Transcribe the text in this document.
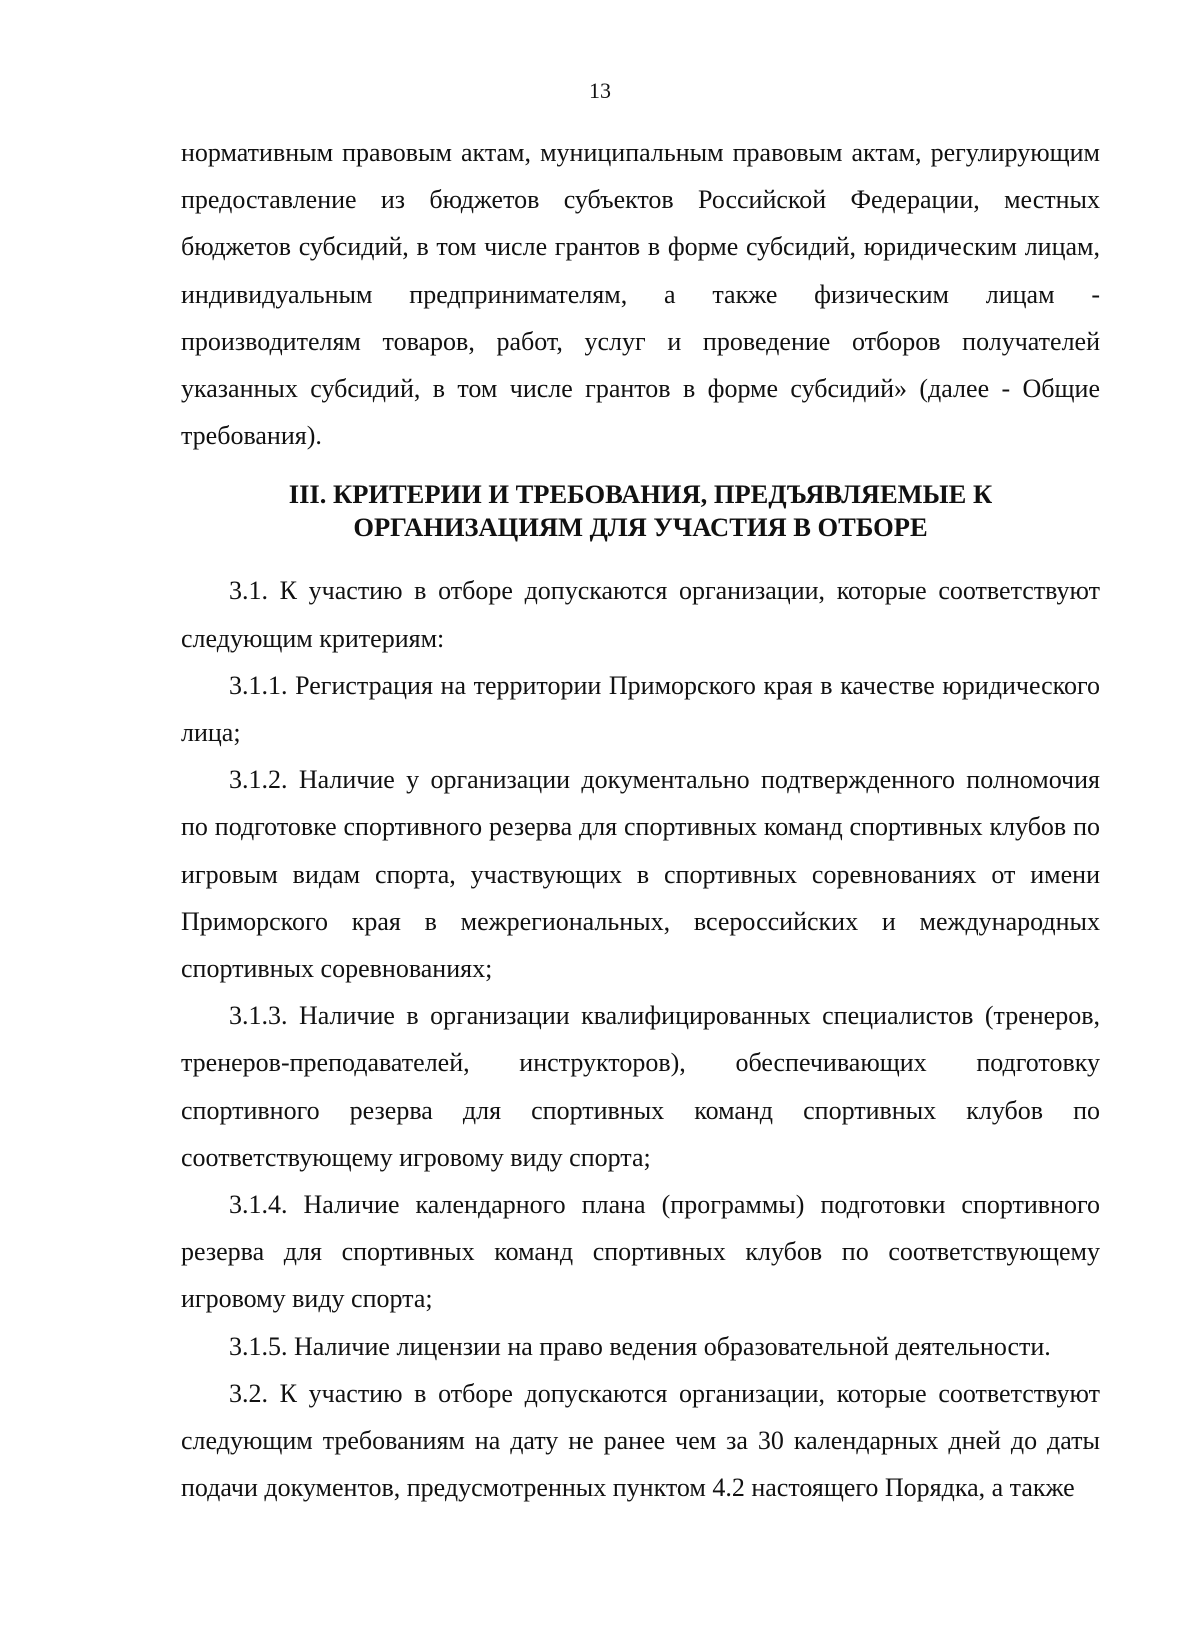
13

нормативным правовым актам, муниципальным правовым актам, регулирующим предоставление из бюджетов субъектов Российской Федерации, местных бюджетов субсидий, в том числе грантов в форме субсидий, юридическим лицам, индивидуальным предпринимателям, а также физическим лицам - производителям товаров, работ, услуг и проведение отборов получателей указанных субсидий, в том числе грантов в форме субсидий» (далее - Общие требования).

III. КРИТЕРИИ И ТРЕБОВАНИЯ, ПРЕДЪЯВЛЯЕМЫЕ К
ОРГАНИЗАЦИЯМ ДЛЯ УЧАСТИЯ В ОТБОРЕ

3.1. К участию в отборе допускаются организации, которые соответствуют следующим критериям:

3.1.1. Регистрация на территории Приморского края в качестве юридического лица;

3.1.2. Наличие у организации документально подтвержденного полномочия по подготовке спортивного резерва для спортивных команд спортивных клубов по игровым видам спорта, участвующих в спортивных соревнованиях от имени Приморского края в межрегиональных, всероссийских и международных спортивных соревнованиях;

3.1.3. Наличие в организации квалифицированных специалистов (тренеров, тренеров-преподавателей, инструкторов), обеспечивающих подготовку спортивного резерва для спортивных команд спортивных клубов по соответствующему игровому виду спорта;

3.1.4. Наличие календарного плана (программы) подготовки спортивного резерва для спортивных команд спортивных клубов по соответствующему игровому виду спорта;

3.1.5. Наличие лицензии на право ведения образовательной деятельности.

3.2. К участию в отборе допускаются организации, которые соответствуют следующим требованиям на дату не ранее чем за 30 календарных дней до даты подачи документов, предусмотренных пунктом 4.2 настоящего Порядка, а также
